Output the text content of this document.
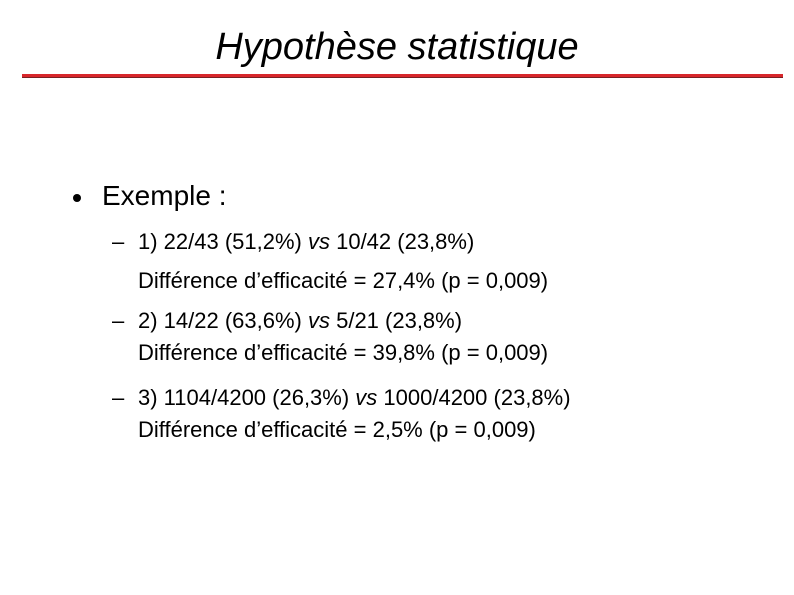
Hypothèse statistique
Exemple :
– 1) 22/43 (51,2%) vs 10/42 (23,8%)
Différence d’efficacité = 27,4% (p = 0,009)
– 2) 14/22 (63,6%) vs 5/21 (23,8%)
Différence d’efficacité = 39,8% (p = 0,009)
– 3) 1104/4200 (26,3%) vs 1000/4200 (23,8%)
Différence d’efficacité = 2,5% (p = 0,009)
